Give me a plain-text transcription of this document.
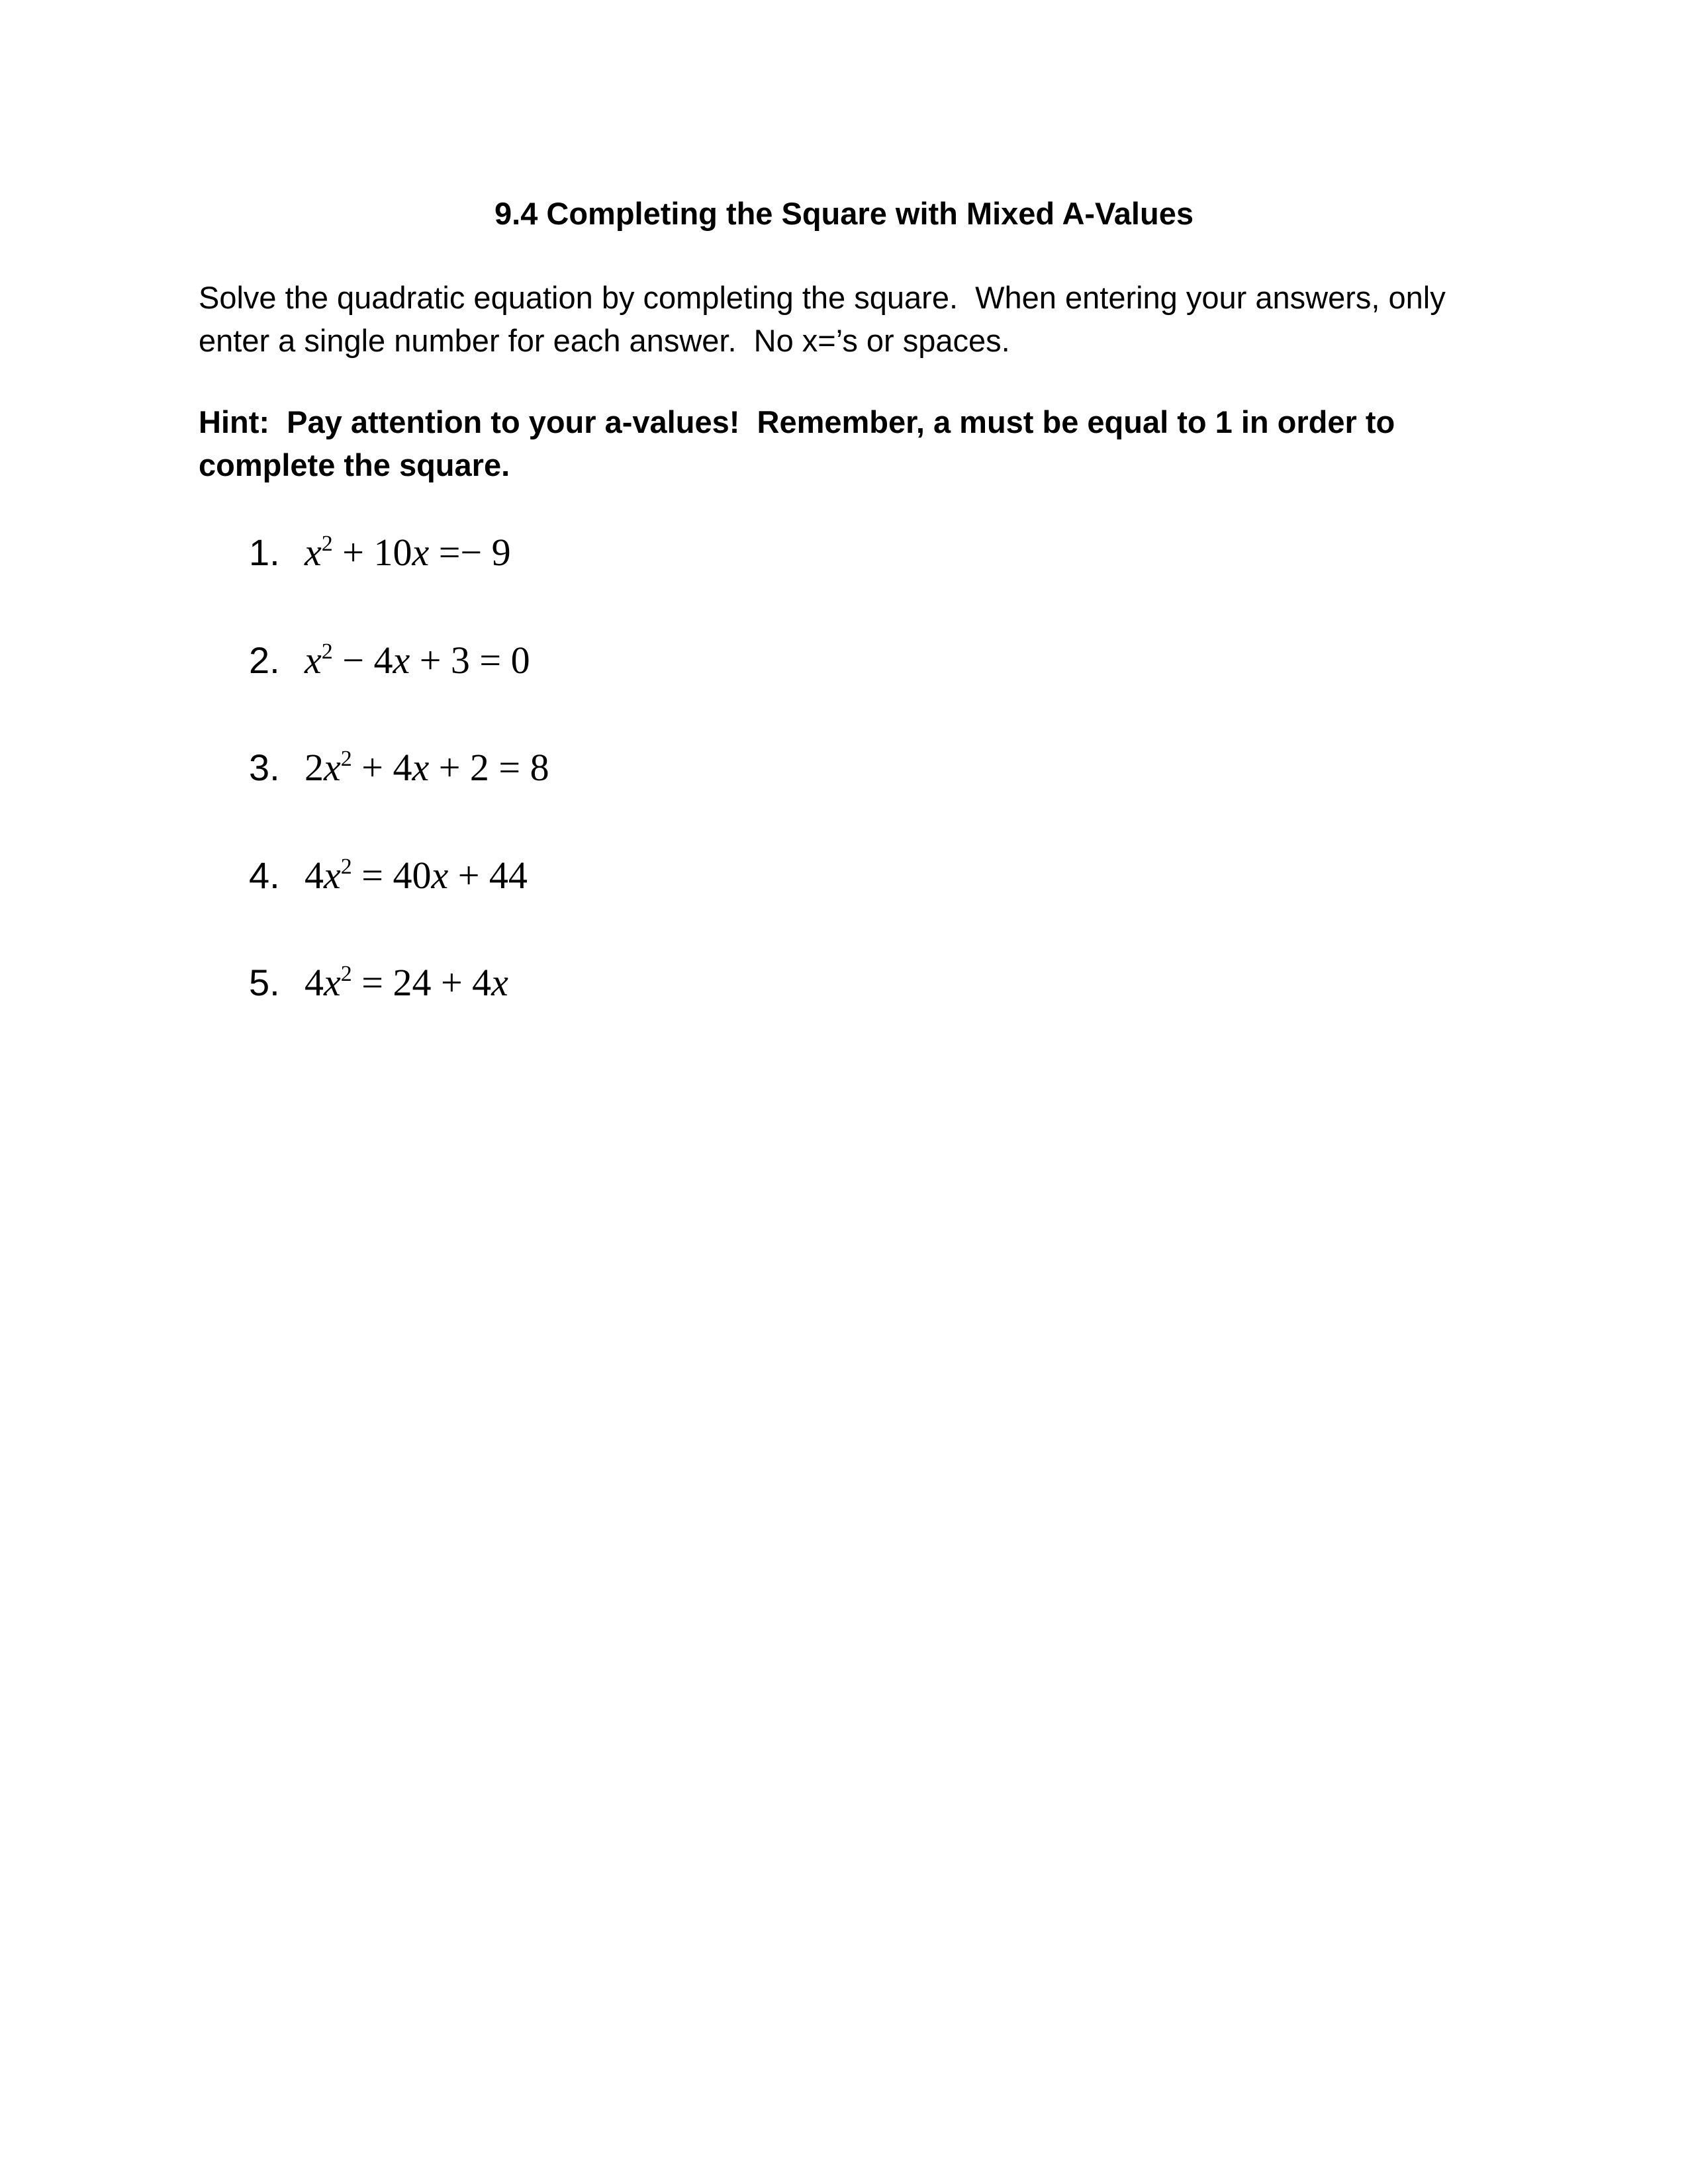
9.4 Completing the Square with Mixed A-Values
Solve the quadratic equation by completing the square.  When entering your answers, only
enter a single number for each answer.  No x=’s or spaces.
Hint:  Pay attention to your a-values!  Remember, a must be equal to 1 in order to
complete the square.
1. $x^2 + 10x =- 9$
2. $x^2 - 4x + 3 = 0$
3. $2x^2 + 4x + 2 = 8$
4. $4x^2 = 40x + 44$
5. $4x^2 = 24 + 4x$
